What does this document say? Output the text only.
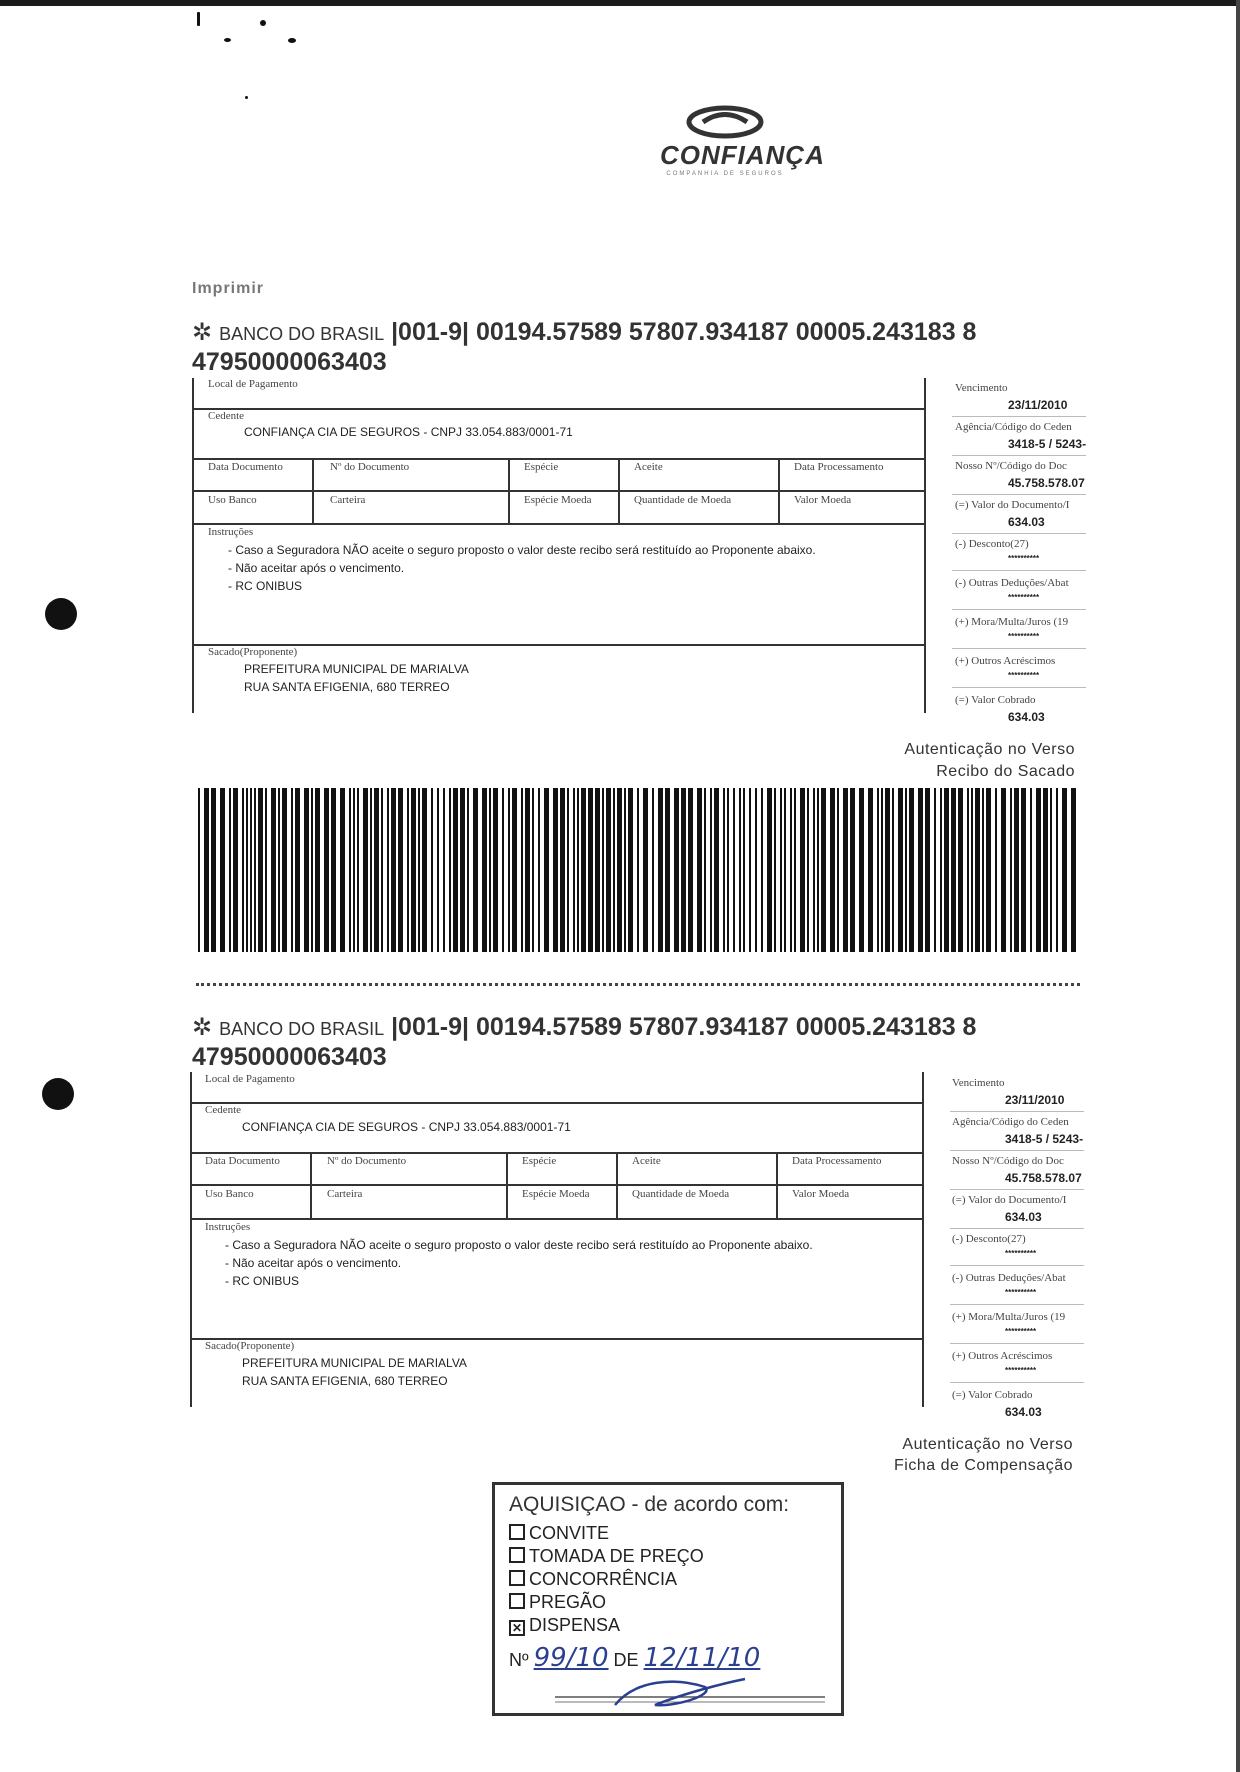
CONFIANÇA
COMPANHIA DE SEGUROS
Imprimir
✲ BANCO DO BRASIL |001-9| 00194.57589 57807.934187 00005.243183 8
47950000063403
Local de Pagamento
Cedente
CONFIANÇA CIA DE SEGUROS - CNPJ 33.054.883/0001-71
Data Documento	Nº do Documento	Espécie	Aceite	Data Processamento
Uso Banco	Carteira	Espécie Moeda	Quantidade de Moeda	Valor Moeda
Instruções
- Caso a Seguradora NÃO aceite o seguro proposto o valor deste recibo será restituído ao Proponente abaixo.
- Não aceitar após o vencimento.
- RC ONIBUS
Sacado(Proponente)
PREFEITURA MUNICIPAL DE MARIALVA
RUA SANTA EFIGENIA, 680 TERREO
Vencimento
23/11/2010
Agência/Código do Ceden
3418-5 / 5243-
Nosso Nº/Código do Doc
45.758.578.07
(=) Valor do Documento/I
634.03
(-) Desconto(27)
**********
(-) Outras Deduções/Abat
**********
(+) Mora/Multa/Juros (19
**********
(+) Outros Acréscimos
**********
(=) Valor Cobrado
634.03
Autenticação no Verso
Recibo do Sacado
✲ BANCO DO BRASIL |001-9| 00194.57589 57807.934187 00005.243183 8
47950000063403
Local de Pagamento
Cedente
CONFIANÇA CIA DE SEGUROS - CNPJ 33.054.883/0001-71
Data Documento	Nº do Documento	Espécie	Aceite	Data Processamento
Uso Banco	Carteira	Espécie Moeda	Quantidade de Moeda	Valor Moeda
Instruções
- Caso a Seguradora NÃO aceite o seguro proposto o valor deste recibo será restituído ao Proponente abaixo.
- Não aceitar após o vencimento.
- RC ONIBUS
Sacado(Proponente)
PREFEITURA MUNICIPAL DE MARIALVA
RUA SANTA EFIGENIA, 680 TERREO
Vencimento
23/11/2010
Agência/Código do Ceden
3418-5 / 5243-
Nosso Nº/Código do Doc
45.758.578.07
(=) Valor do Documento/I
634.03
(-) Desconto(27)
**********
(-) Outras Deduções/Abat
**********
(+) Mora/Multa/Juros (19
**********
(+) Outros Acréscimos
**********
(=) Valor Cobrado
634.03
Autenticação no Verso
Ficha de Compensação
AQUISIÇAO - de acordo com:
CONVITE
TOMADA DE PREÇO
CONCORRÊNCIA
PREGÃO
✕ DISPENSA
Nº 99/10 DE 12/11/10
